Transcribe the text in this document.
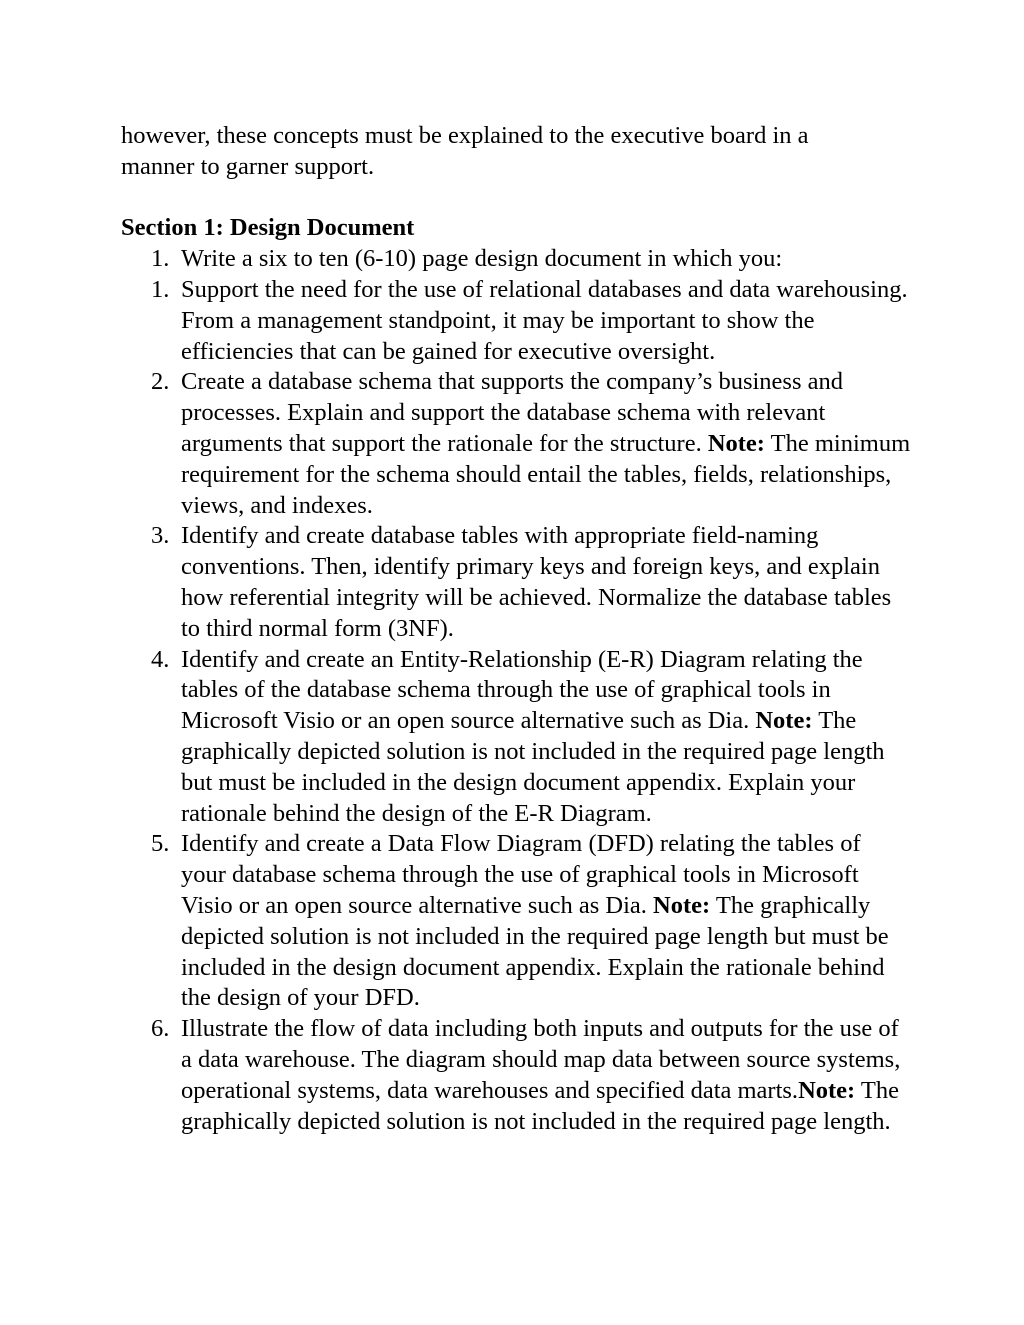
however, these concepts must be explained to the executive board in a
manner to garner support.

Section 1: Design Document

1. Write a six to ten (6-10) page design document in which you:
1. Support the need for the use of relational databases and data warehousing. From a management standpoint, it may be important to show the efficiencies that can be gained for executive oversight.
2. Create a database schema that supports the company’s business and processes. Explain and support the database schema with relevant arguments that support the rationale for the structure. Note: The minimum requirement for the schema should entail the tables, fields, relationships, views, and indexes.
3. Identify and create database tables with appropriate field-naming conventions. Then, identify primary keys and foreign keys, and explain how referential integrity will be achieved. Normalize the database tables to third normal form (3NF).
4. Identify and create an Entity-Relationship (E-R) Diagram relating the tables of the database schema through the use of graphical tools in Microsoft Visio or an open source alternative such as Dia. Note: The graphically depicted solution is not included in the required page length but must be included in the design document appendix. Explain your rationale behind the design of the E-R Diagram.
5. Identify and create a Data Flow Diagram (DFD) relating the tables of your database schema through the use of graphical tools in Microsoft Visio or an open source alternative such as Dia. Note: The graphically depicted solution is not included in the required page length but must be included in the design document appendix. Explain the rationale behind the design of your DFD.
6. Illustrate the flow of data including both inputs and outputs for the use of a data warehouse. The diagram should map data between source systems, operational systems, data warehouses and specified data marts.Note: The graphically depicted solution is not included in the required page length.
